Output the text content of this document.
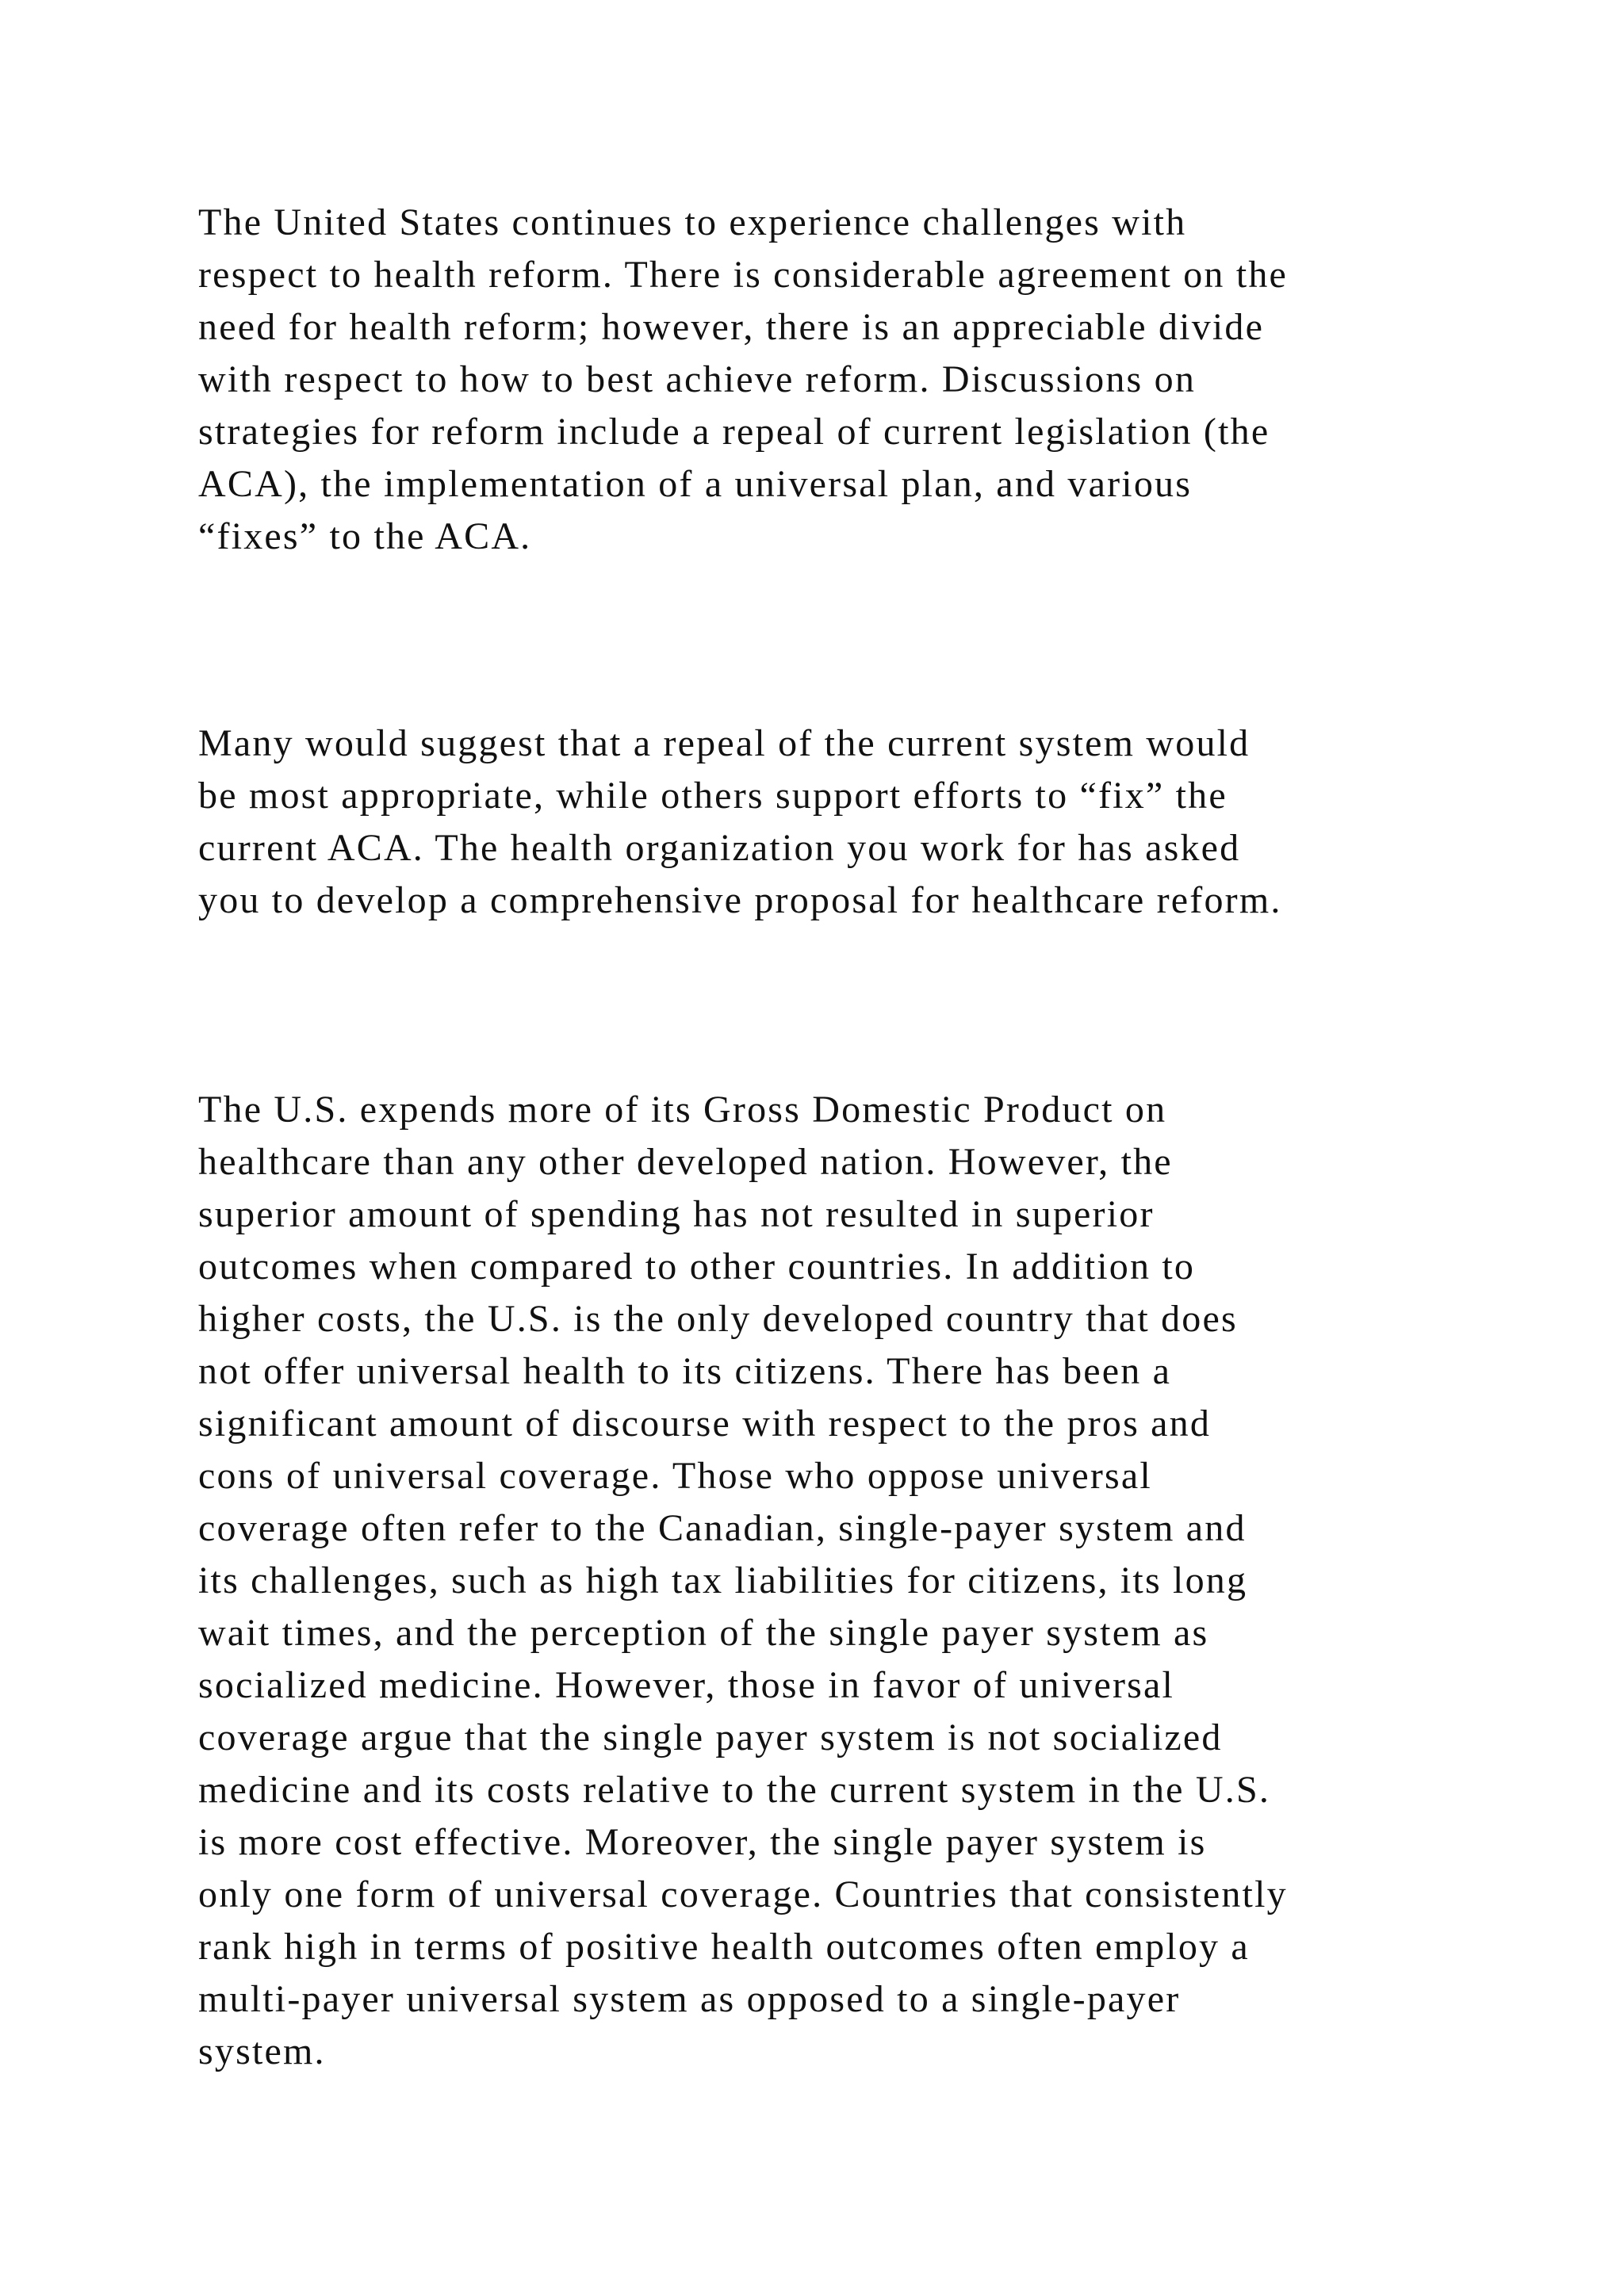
The United States continues to experience challenges with
respect to health reform. There is considerable agreement on the
need for health reform; however, there is an appreciable divide
with respect to how to best achieve reform. Discussions on
strategies for reform include a repeal of current legislation (the
ACA), the implementation of a universal plan, and various
“fixes” to the ACA.

Many would suggest that a repeal of the current system would
be most appropriate, while others support efforts to “fix” the
current ACA. The health organization you work for has asked
you to develop a comprehensive proposal for healthcare reform.

The U.S. expends more of its Gross Domestic Product on
healthcare than any other developed nation. However, the
superior amount of spending has not resulted in superior
outcomes when compared to other countries. In addition to
higher costs, the U.S. is the only developed country that does
not offer universal health to its citizens. There has been a
significant amount of discourse with respect to the pros and
cons of universal coverage. Those who oppose universal
coverage often refer to the Canadian, single-payer system and
its challenges, such as high tax liabilities for citizens, its long
wait times, and the perception of the single payer system as
socialized medicine. However, those in favor of universal
coverage argue that the single payer system is not socialized
medicine and its costs relative to the current system in the U.S.
is more cost effective. Moreover, the single payer system is
only one form of universal coverage. Countries that consistently
rank high in terms of positive health outcomes often employ a
multi-payer universal system as opposed to a single-payer
system.
